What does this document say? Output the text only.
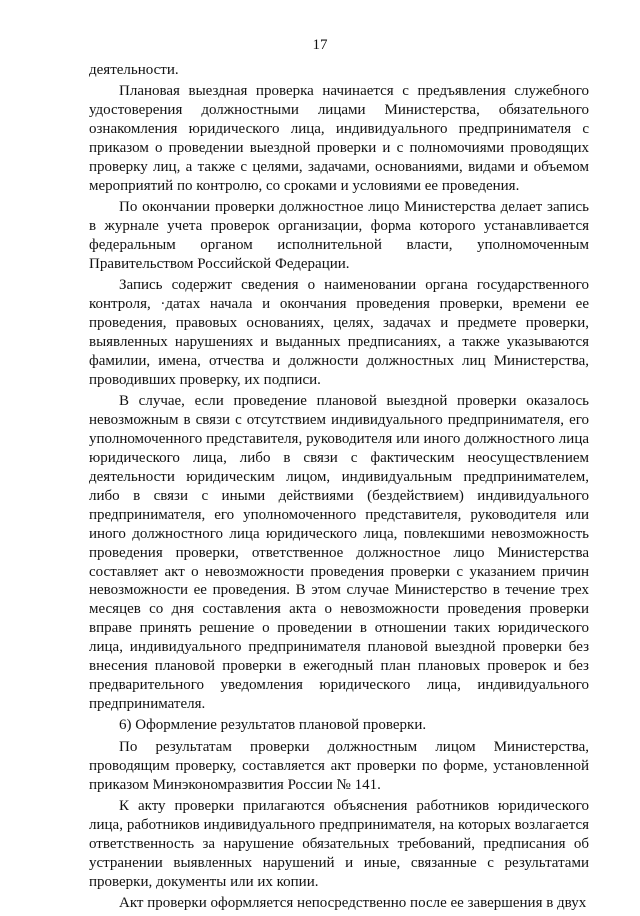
17

деятельности.

Плановая выездная проверка начинается с предъявления служебного удостоверения должностными лицами Министерства, обязательного ознакомления юридического лица, индивидуального предпринимателя с приказом о проведении выездной проверки и с полномочиями проводящих проверку лиц, а также с целями, задачами, основаниями, видами и объемом мероприятий по контролю, со сроками и условиями ее проведения.

По окончании проверки должностное лицо Министерства делает запись в журнале учета проверок организации, форма которого устанавливается федеральным органом исполнительной власти, уполномоченным Правительством Российской Федерации.

Запись содержит сведения о наименовании органа государственного контроля, ·датах начала и окончания проведения проверки, времени ее проведения, правовых основаниях, целях, задачах и предмете проверки, выявленных нарушениях и выданных предписаниях, а также указываются фамилии, имена, отчества и должности должностных лиц Министерства, проводивших проверку, их подписи.

В случае, если проведение плановой выездной проверки оказалось невозможным в связи с отсутствием индивидуального предпринимателя, его уполномоченного представителя, руководителя или иного должностного лица юридического лица, либо в связи с фактическим неосуществлением деятельности юридическим лицом, индивидуальным предпринимателем, либо в связи с иными действиями (бездействием) индивидуального предпринимателя, его уполномоченного представителя, руководителя или иного должностного лица юридического лица, повлекшими невозможность проведения проверки, ответственное должностное лицо Министерства составляет акт о невозможности проведения проверки с указанием причин невозможности ее проведения. В этом случае Министерство в течение трех месяцев со дня составления акта о невозможности проведения проверки вправе принять решение о проведении в отношении таких юридического лица, индивидуального предпринимателя плановой выездной проверки без внесения плановой проверки в ежегодный план плановых проверок и без предварительного уведомления юридического лица, индивидуального предпринимателя.

6) Оформление результатов плановой проверки.

По результатам проверки должностным лицом Министерства, проводящим проверку, составляется акт проверки по форме, установленной приказом Минэкономразвития России № 141.

К акту проверки прилагаются объяснения работников юридического лица, работников индивидуального предпринимателя, на которых возлагается ответственность за нарушение обязательных требований, предписания об устранении выявленных нарушений и иные, связанные с результатами проверки, документы или их копии.

Акт проверки оформляется непосредственно после ее завершения в двух
